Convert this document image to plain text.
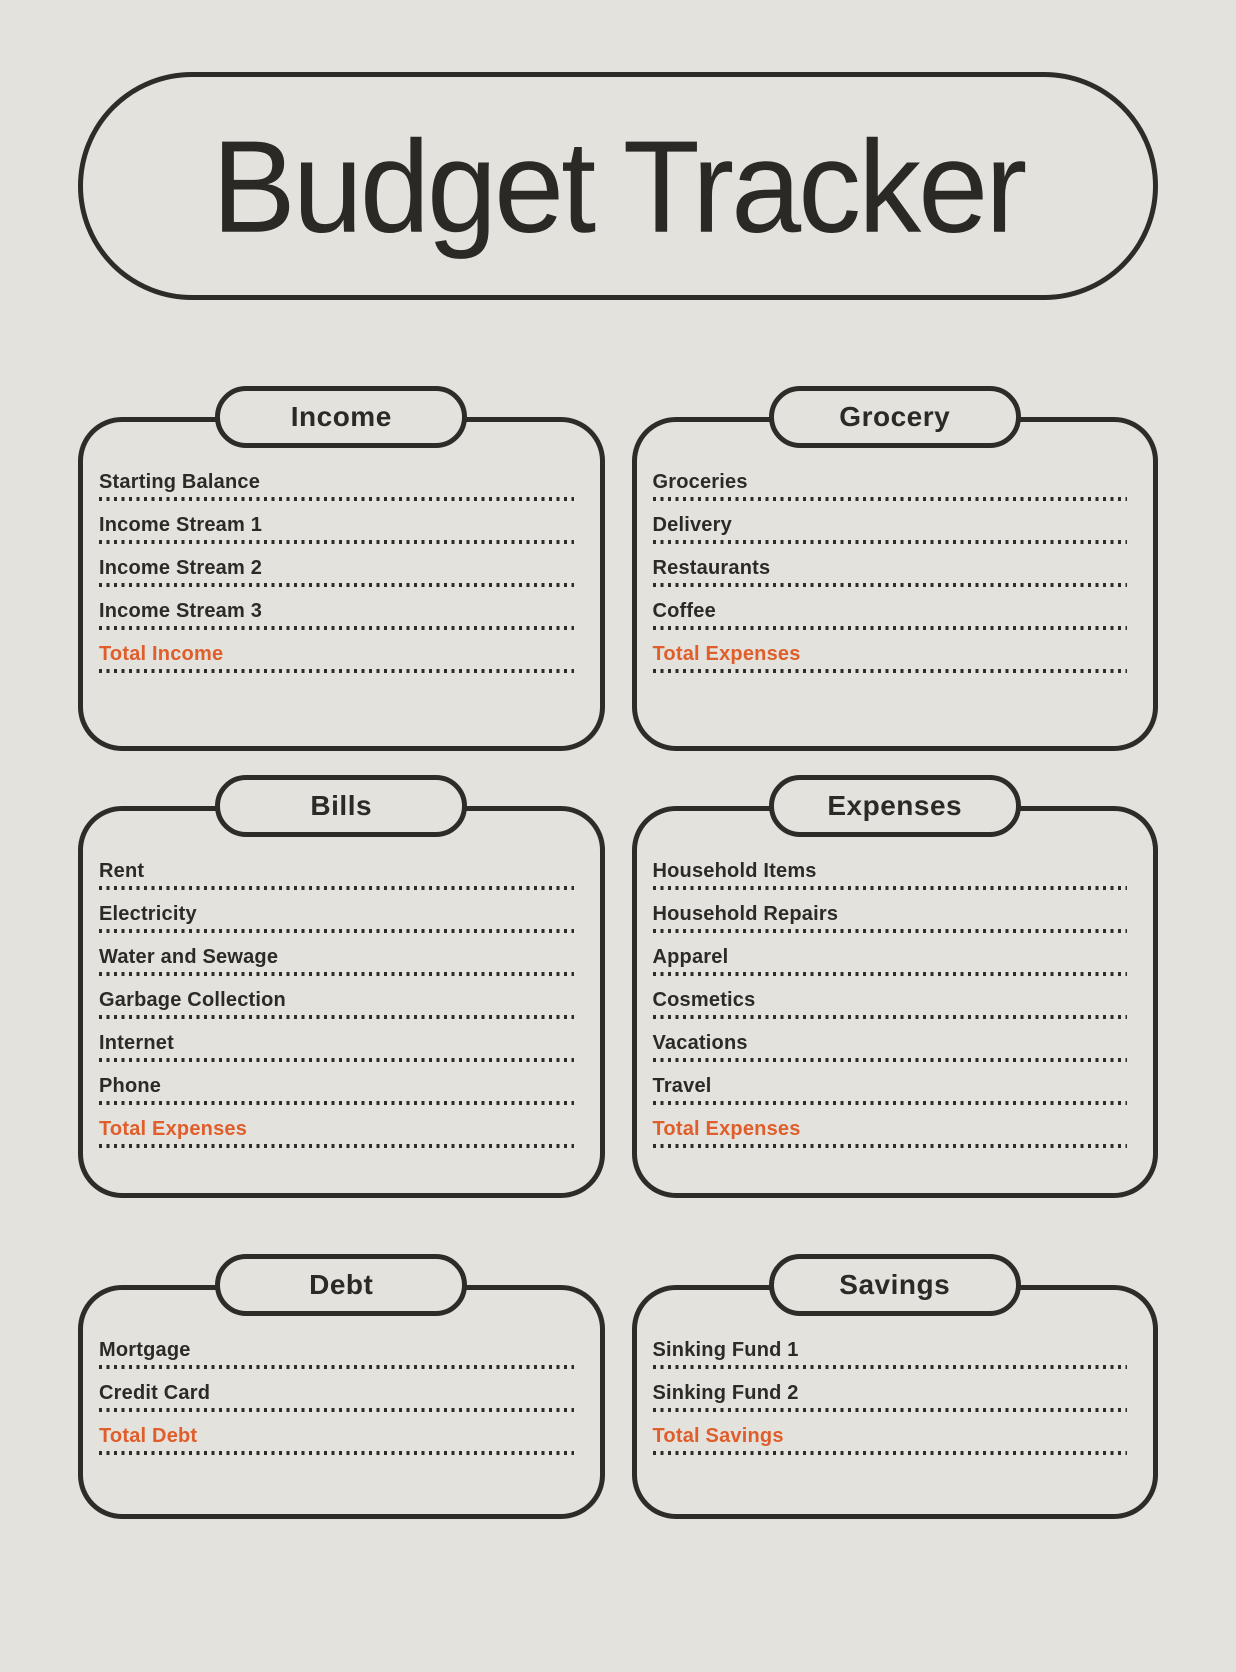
Budget Tracker
Income
Starting Balance
Income Stream 1
Income Stream 2
Income Stream 3
Total Income
Grocery
Groceries
Delivery
Restaurants
Coffee
Total Expenses
Bills
Rent
Electricity
Water and Sewage
Garbage Collection
Internet
Phone
Total Expenses
Expenses
Household Items
Household Repairs
Apparel
Cosmetics
Vacations
Travel
Total Expenses
Debt
Mortgage
Credit Card
Total Debt
Savings
Sinking Fund 1
Sinking Fund 2
Total Savings
